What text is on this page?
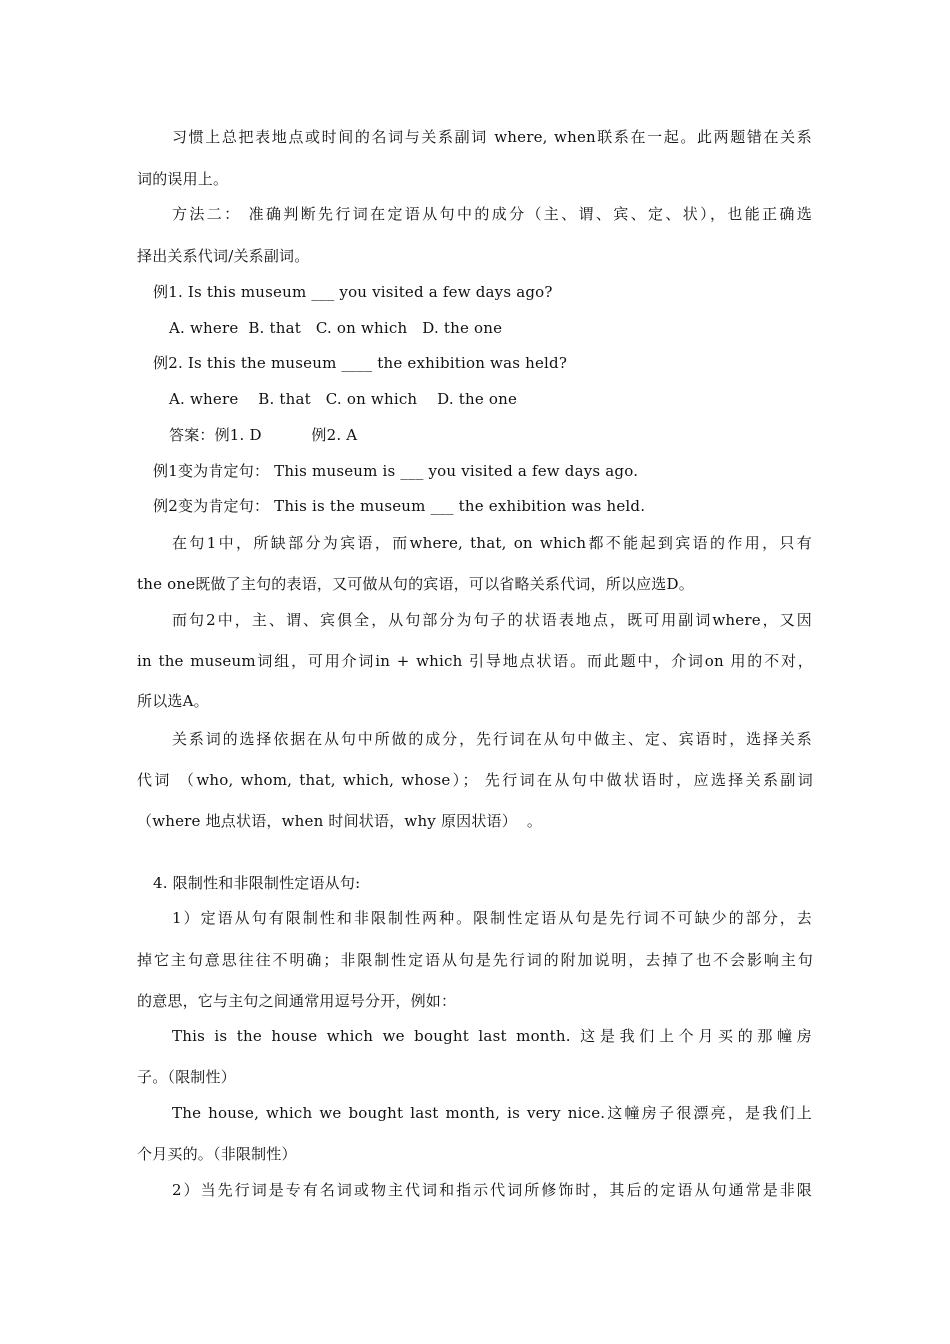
习惯上总把表地点或时间的名词与关系副词 where, when联系在一起。此两题错在关系
词的误用上。
方法二： 准确判断先行词在定语从句中的成分（主、谓、宾、定、状），也能正确选
择出关系代词/关系副词。
例1. Is this museum ___ you visited a few days ago?
A. where  B. that   C. on which   D. the one
例2. Is this the museum ____ the exhibition was held?
A. where    B. that   C. on which    D. the one
答案：例1. D          例2. A
例1变为肯定句： This museum is ___ you visited a few days ago.
例2变为肯定句： This is the museum ___ the exhibition was held.
在句1中，所缺部分为宾语，而where, that, on which都不能起到宾语的作用，只有
the one既做了主句的表语，又可做从句的宾语，可以省略关系代词，所以应选D。
而句2中，主、谓、宾俱全，从句部分为句子的状语表地点，既可用副词where，又因
in the museum词组，可用介词in + which 引导地点状语。而此题中，介词on 用的不对，
所以选A。
关系词的选择依据在从句中所做的成分，先行词在从句中做主、定、宾语时，选择关系
代词 （who, whom, that, which, whose）； 先行词在从句中做状语时，应选择关系副词
（where 地点状语，when 时间状语，why 原因状语）  。
4. 限制性和非限制性定语从句:
1）定语从句有限制性和非限制性两种。限制性定语从句是先行词不可缺少的部分，去
掉它主句意思往往不明确；非限制性定语从句是先行词的附加说明，去掉了也不会影响主句
的意思，它与主句之间通常用逗号分开，例如：
This is the house which we bought last month. 这是我们上个月买的那幢房
子。（限制性）
The house, which we bought last month, is very nice.这幢房子很漂亮，是我们上
个月买的。（非限制性）
2）当先行词是专有名词或物主代词和指示代词所修饰时，其后的定语从句通常是非限
